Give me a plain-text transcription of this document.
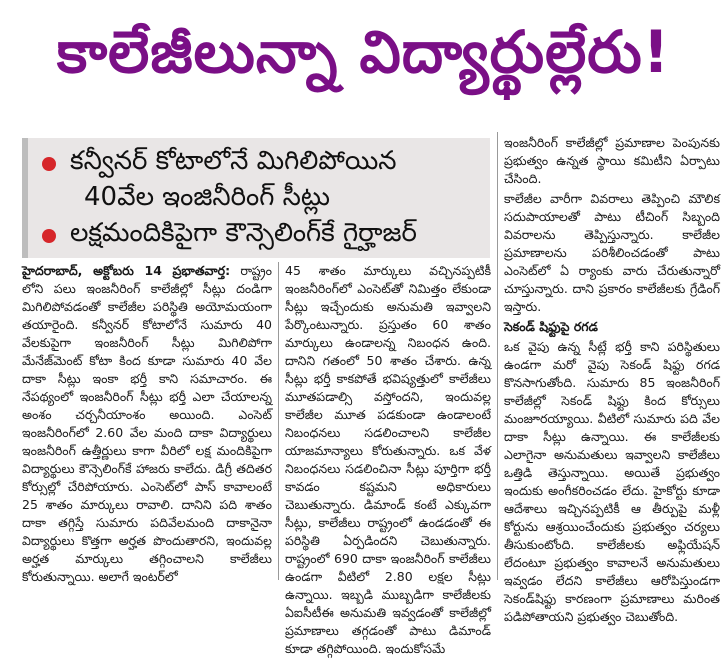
కాలేజీలున్నా విద్యార్థుల్లేరు!
కన్వీనర్ కోటాలోనే మిగిలిపోయిన
40వేల ఇంజినీరింగ్ సీట్లు
లక్షమందికిపైగా కౌన్సెలింగ్‌కే గైర్హాజర్

హైదరాబాద్, అక్టోబరు 14 ప్రభాతవార్త: రాష్ట్రం లోని పలు ఇంజనీరింగ్ కాలేజీల్లో సీట్లు దండిగా మిగిలిపోవడంతో కాలేజీల పరిస్థితి అయోమయంగా తయారైంది. కన్వీనర్ కోటాలోనే సుమారు 40 వేలకుపైగా ఇంజనీరింగ్ సీట్లు మిగిలిపోగా మేనేజ్‌మెంట్ కోటా కింద కూడా సుమారు 40 వేల దాకా సీట్లు ఇంకా భర్తీ కాని సమాచారం. ఈ నేపథ్యంలో ఇంజనీరింగ్ సీట్లు భర్తీ ఎలా చేయాలన్న అంశం చర్చనీయాంశం అయింది. ఎంసెట్ ఇంజనీరింగ్‌లో 2.60 వేల మంది దాకా విద్యార్థులు ఇంజనీరింగ్ ఉత్తీర్ణులు కాగా వీరిలో లక్ష మందికిపైగా విద్యార్థులు కౌన్సెలింగ్‌కే హాజరు కాలేదు. డిగ్రీ తదితర కోర్సుల్లో చేరిపోయారు. ఎంసెట్‌లో పాస్ కావాలంటే 25 శాతం మార్కులు రావాలి. దానిని పది శాతం దాకా తగ్గిస్తే సుమారు పదివేలమంది దాకానైనా విద్యార్థులు కొత్తగా అర్హత పొందుతారని, ఇందువల్ల అర్హత మార్కులు తగ్గించాలని కాలేజీలు కోరుతున్నాయి. అలాగే ఇంటర్‌లో

45 శాతం మార్కులు వచ్చినప్పటికీ ఇంజనీరింగ్‌లో ఎంసెట్‌తో నిమిత్తం లేకుండా సీట్లు ఇచ్చేందుకు అనుమతి ఇవ్వాలని పేర్కొంటున్నారు. ప్రస్తుతం 60 శాతం మార్కులు ఉండాలన్న నిబంధన ఉంది. దానిని గతంలో 50 శాతం చేశారు. ఉన్న సీట్లు భర్తీ కాకపోతే భవిష్యత్తులో కాలేజీలు మూతపడాల్సి వస్తోందని, ఇందువల్ల కాలేజీల మూత పడకుండా ఉండాలంటే నిబంధనలు సడలించాలని కాలేజీల యాజమాన్యాలు కోరుతున్నారు. ఒక వేళ నిబంధనలు సడలించినా సీట్లు పూర్తిగా భర్తీ కావడం కష్టమని అధికారులు చెబుతున్నారు. డిమాండ్ కంటే ఎక్కువగా సీట్లు, కాలేజీలు రాష్ట్రంలో ఉండడంతో ఈ పరిస్థితి ఏర్పడిందని చెబుతున్నారు. రాష్ట్రంలో 690 దాకా ఇంజనీరింగ్ కాలేజీలు ఉండగా వీటిలో 2.80 లక్షల సీట్లు ఉన్నాయి. ఇబ్బడి ముబ్బడిగా కాలేజీలకు ఏఐసీటీఈ అనుమతి ఇవ్వడంతో కాలేజీల్లో ప్రమాణాలు తగ్గడంతో పాటు డిమాండ్ కూడా తగ్గిపోయింది. ఇందుకోసమే

ఇంజనీరింగ్ కాలేజీల్లో ప్రమాణాల పెంపునకు ప్రభుత్వం ఉన్నత స్థాయి కమిటీని ఏర్పాటు చేసింది.

కాలేజీల వారీగా వివరాలు తెప్పించి మౌలిక సదుపాయాలతో పాటు టీచింగ్ సిబ్బంది వివరాలను తెప్పిస్తున్నారు. కాలేజీల ప్రమాణాలను పరిశీలించడంతో పాటు ఎంసెట్‌లో ఏ ర్యాంకు వారు చేరుతున్నారో చూస్తున్నారు. దాని ప్రకారం కాలేజీలకు గ్రేడింగ్ ఇస్తారు.

సెకండ్ షిఫ్టుపై రగడ

ఒక వైపు ఉన్న సీట్లే భర్తీ కాని పరిస్థితులు ఉండగా మరో వైపు సెకండ్ షిఫ్టు రగడ కొనసాగుతోంది. సుమారు 85 ఇంజనీరింగ్ కాలేజీల్లో సెకండ్ షిఫ్టు కింద కోర్సులు మంజూరయ్యాయి. వీటిలో సుమారు పది వేల దాకా సీట్లు ఉన్నాయి. ఈ కాలేజీలకు ఎలాగైనా అనుమతులు ఇవ్వాలని కాలేజీలు ఒత్తిడి తెస్తున్నాయి. అయితే ప్రభుత్వం ఇందుకు అంగీకరించడం లేదు. హైకోర్టు కూడా ఆదేశాలు ఇచ్చినప్పటికీ ఆ తీర్పుపై మళ్లీ కోర్టును ఆశ్రయించేందుకు ప్రభుత్వం చర్యలు తీసుకుంటోంది. కాలేజీలకు అఫ్లియేషన్ లేదంటూ ప్రభుత్వం కావాలనే అనుమతులు ఇవ్వడం లేదని కాలేజీలు ఆరోపిస్తుండగా సెకండ్‌షిఫ్టు కారణంగా ప్రమాణాలు మరింత పడిపోతాయని ప్రభుత్వం చెబుతోంది.
